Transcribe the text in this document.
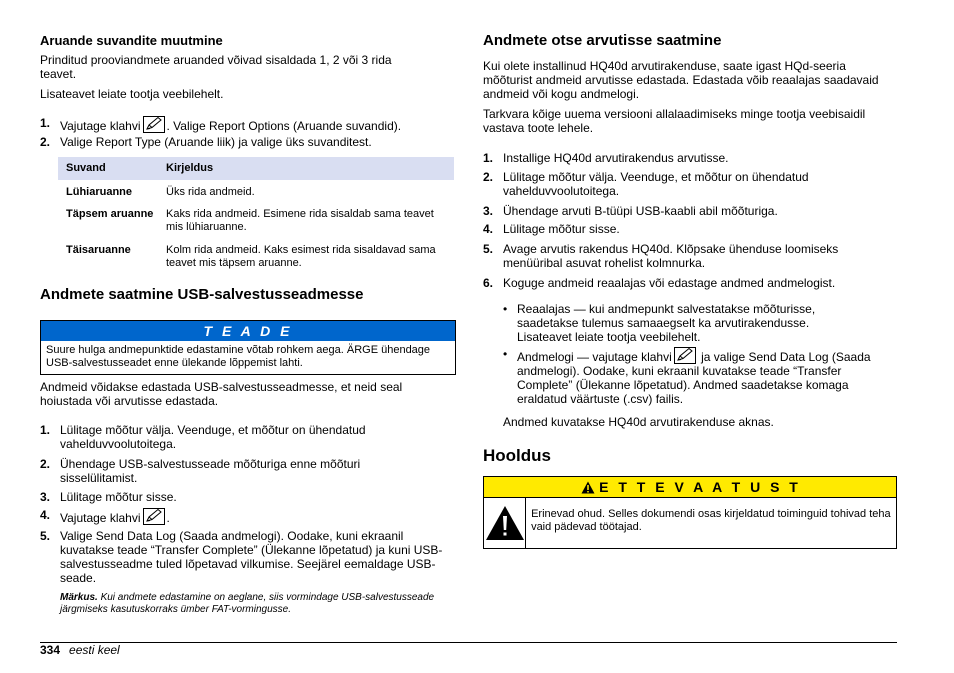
Aruande suvandite muutmine

Prinditud prooviandmete aruanded võivad sisaldada 1, 2 või 3 rida teavet.

Lisateavet leiate tootja veebilehelt.

1. Vajutage klahvi . Valige Report Options (Aruande suvandid).
2. Valige Report Type (Aruande liik) ja valige üks suvanditest.
Suvand	Kirjeldus
Lühiaruanne	Üks rida andmeid.
Täpsem aruanne	Kaks rida andmeid. Esimene rida sisaldab sama teavet mis lühiaruanne.
Täisaruanne	Kolm rida andmeid. Kaks esimest rida sisaldavad sama teavet mis täpsem aruanne.
Andmete saatmine USB-salvestusseadmesse
T E A D E
Suure hulga andmepunktide edastamine võtab rohkem aega. ÄRGE ühendage USB-salvestusseadet enne ülekande lõppemist lahti.

Andmeid võidakse edastada USB-salvestusseadmesse, et neid seal hoiustada või arvutisse edastada.

1. Lülitage mõõtur välja. Veenduge, et mõõtur on ühendatud vahelduvvoolutoitega.
2. Ühendage USB-salvestusseade mõõturiga enne mõõturi sisselülitamist.
3. Lülitage mõõtur sisse.
4. Vajutage klahvi .
5. Valige Send Data Log (Saada andmelogi). Oodake, kuni ekraanil kuvatakse teade “Transfer Complete” (Ülekanne lõpetatud) ja kuni USB-salvestusseadme tuled lõpetavad vilkumise. Seejärel eemaldage USB-seade.

Märkus. Kui andmete edastamine on aeglane, siis vormindage USB-salvestusseade järgmiseks kasutuskorraks ümber FAT-vormingusse.

Andmete otse arvutisse saatmine

Kui olete installinud HQ40d arvutirakenduse, saate igast HQd-seeria mõõturist andmeid arvutisse edastada. Edastada võib reaalajas saadavaid andmeid või kogu andmelogi.

Tarkvara kõige uuema versiooni allalaadimiseks minge tootja veebisaidil vastava toote lehele.

1. Installige HQ40d arvutirakendus arvutisse.
2. Lülitage mõõtur välja. Veenduge, et mõõtur on ühendatud vahelduvvoolutoitega.
3. Ühendage arvuti B-tüüpi USB-kaabli abil mõõturiga.
4. Lülitage mõõtur sisse.
5. Avage arvutis rakendus HQ40d. Klõpsake ühenduse loomiseks menüüribal asuvat rohelist kolmnurka.
6. Koguge andmeid reaalajas või edastage andmed andmelogist.
• Reaalajas — kui andmepunkt salvestatakse mõõturisse, saadetakse tulemus samaaegselt ka arvutirakendusse. Lisateavet leiate tootja veebilehelt.
• Andmelogi — vajutage klahvi
ja valige Send Data Log (Saada andmelogi). Oodake, kuni ekraanil kuvatakse teade “Transfer Complete” (Ülekanne lõpetatud). Andmed saadetakse komaga eraldatud väärtuste (.csv) failis.

Andmed kuvatakse HQ40d arvutirakenduse aknas.

Hooldus
E T T E V A A T U S T
Erinevad ohud. Selles dokumendi osas kirjeldatud toiminguid tohivad teha vaid pädevad töötajad.
334 eesti keel
